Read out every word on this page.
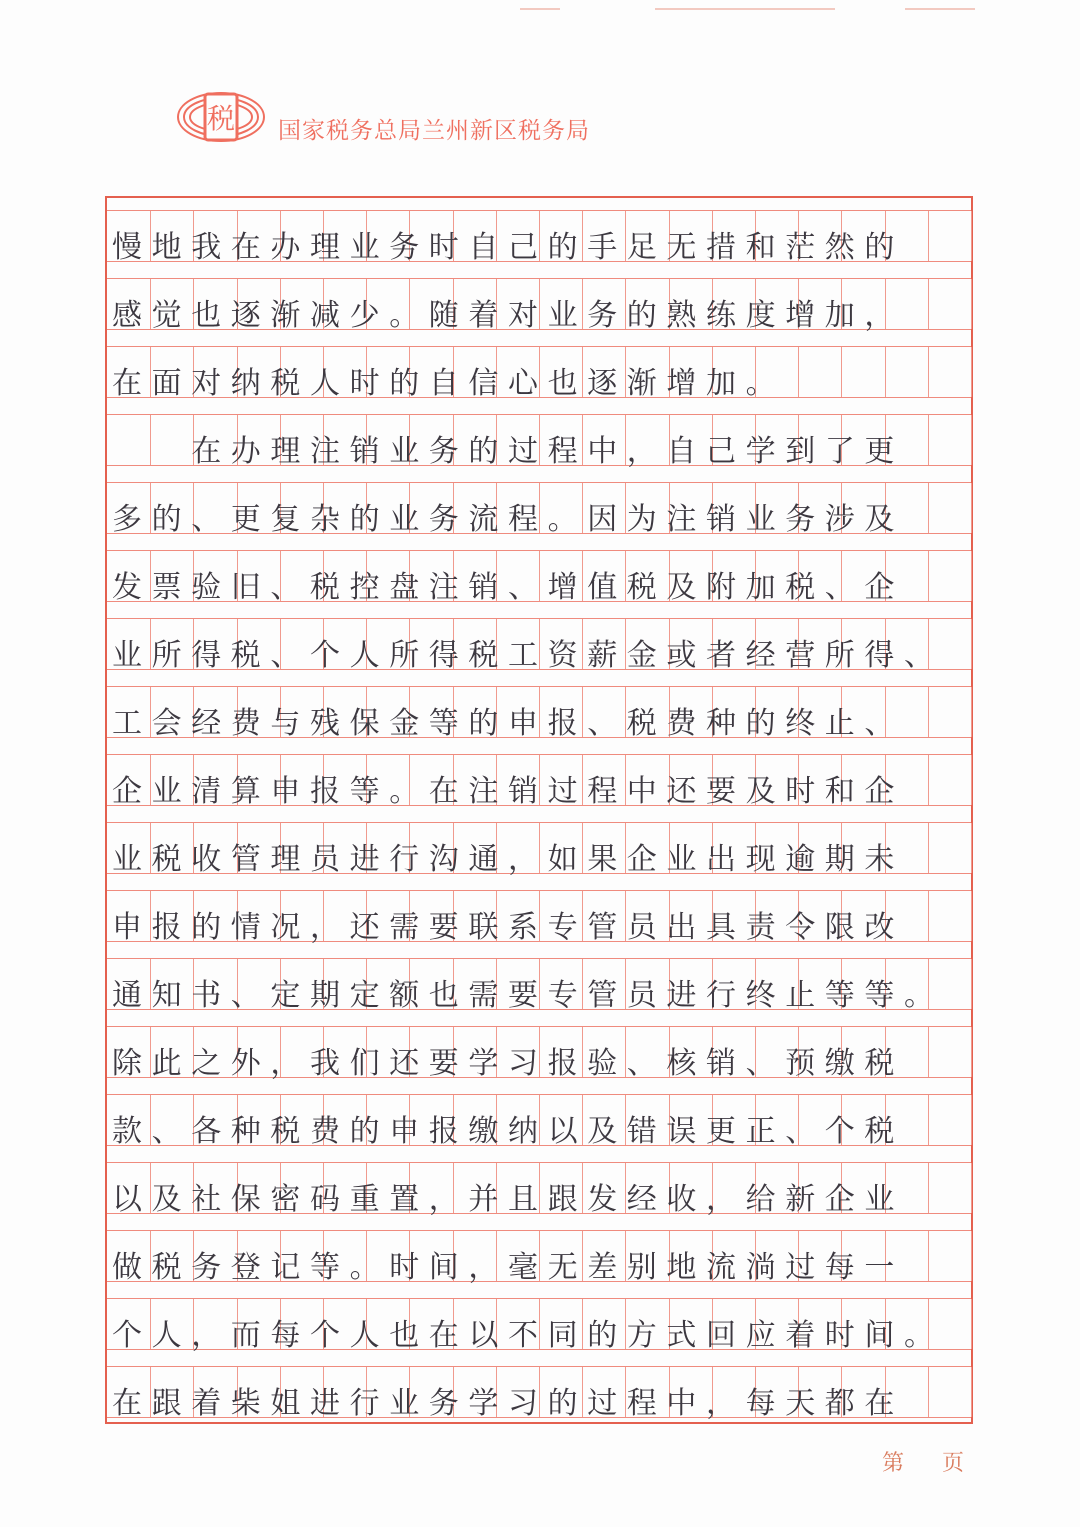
税 国家税务总局兰州新区税务局
慢地我在办理业务时自己的手足无措和茫然的
感觉也逐渐减少。随着对业务的熟练度增加，
在面对纳税人时的自信心也逐渐增加。
　　在办理注销业务的过程中，自己学到了更
多的、更复杂的业务流程。因为注销业务涉及
发票验旧、税控盘注销、增值税及附加税、企
业所得税、个人所得税工资薪金或者经营所得、
工会经费与残保金等的申报、税费种的终止、
企业清算申报等。在注销过程中还要及时和企
业税收管理员进行沟通，如果企业出现逾期未
申报的情况，还需要联系专管员出具责令限改
通知书、定期定额也需要专管员进行终止等等。
除此之外，我们还要学习报验、核销、预缴税
款、各种税费的申报缴纳以及错误更正、个税
以及社保密码重置，并且跟发经收，给新企业
做税务登记等。时间，毫无差别地流淌过每一
个人，而每个人也在以不同的方式回应着时间。
在跟着柴姐进行业务学习的过程中，每天都在
第 页
